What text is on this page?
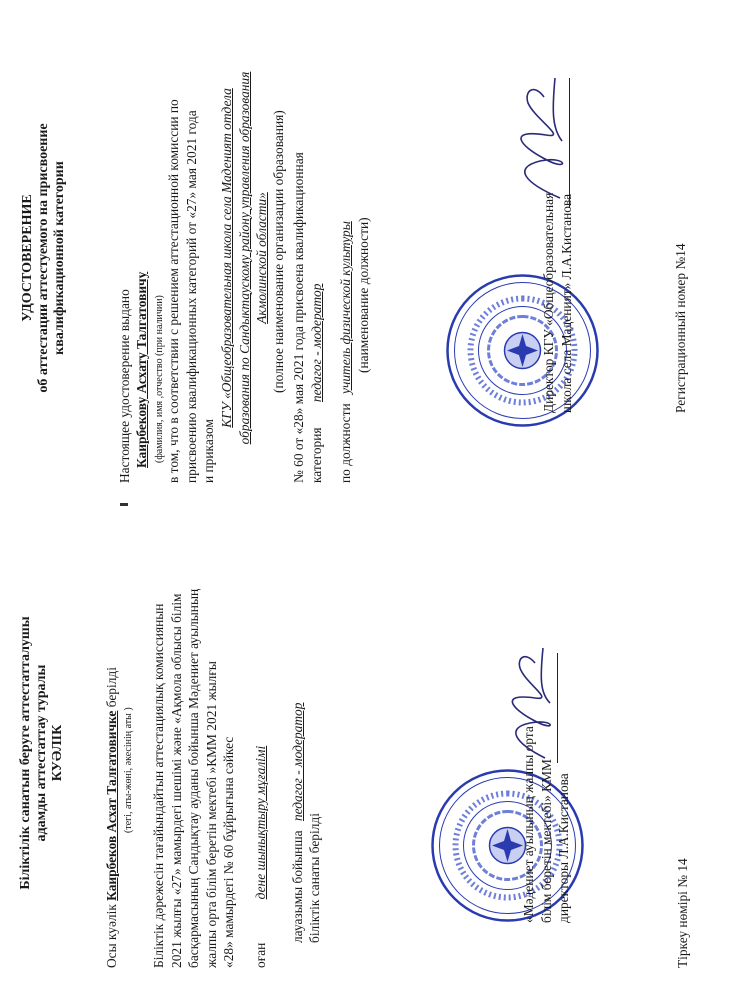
Біліктілік санатын беруге аттестатталушы адамды аттестаттау туралы КУӘЛІК
Осы куәлік Каирбеков Асхат Талғатовичке берілді
(тегі, аты-жөні, әкесінің аты ) Біліктік дәрежесін тағайындайтын аттестациялық комиссиянын 2021 жылғы «27» мамырдегі шешімі және «Ақмола облысы білім басқармасының Сандықтау ауданы бойынша Мәдениет ауылының жалпы орта білім беретін мектебі »КММ 2021 жылғы «28» мамырдегі № 60 бұйрығына сәйкес оған дене шынықтыру мұғалімі лауазымы бойынша педагог - модератор
біліктік санаты берілді	«Мәдениет ауылының жалпы орта білім беретін мектебі» КММ директоры Л.А.Кистанова	Тіркеу нөмірі № 14
УДОСТОВЕРЕНИЕ об аттестации аттестуемого на присвоение квалификационной категории
Настоящее удостоверение выдано Каирбекову Асхату Талгатовичу (фамилия, имя ,отчество (при наличии) в том, что в соответствии с решением аттестационной комиссии по присвоению квалификационных категорий от «27» мая 2021 года и приказом
КГУ «Общеобразовательная школа села Маденият отдела образования по Сандыктаускому району управления образования Акмолинской области» (полное наименование организации образования) № 60 от «28» мая 2021 года присвоена квалификационная категория педагог - модератор
по должности учитель физической культуры (наименование должности)	Директор КГУ «Общеобразовательная школа села Маденият» Л.А.Кистанова	Регистрационный номер №14
